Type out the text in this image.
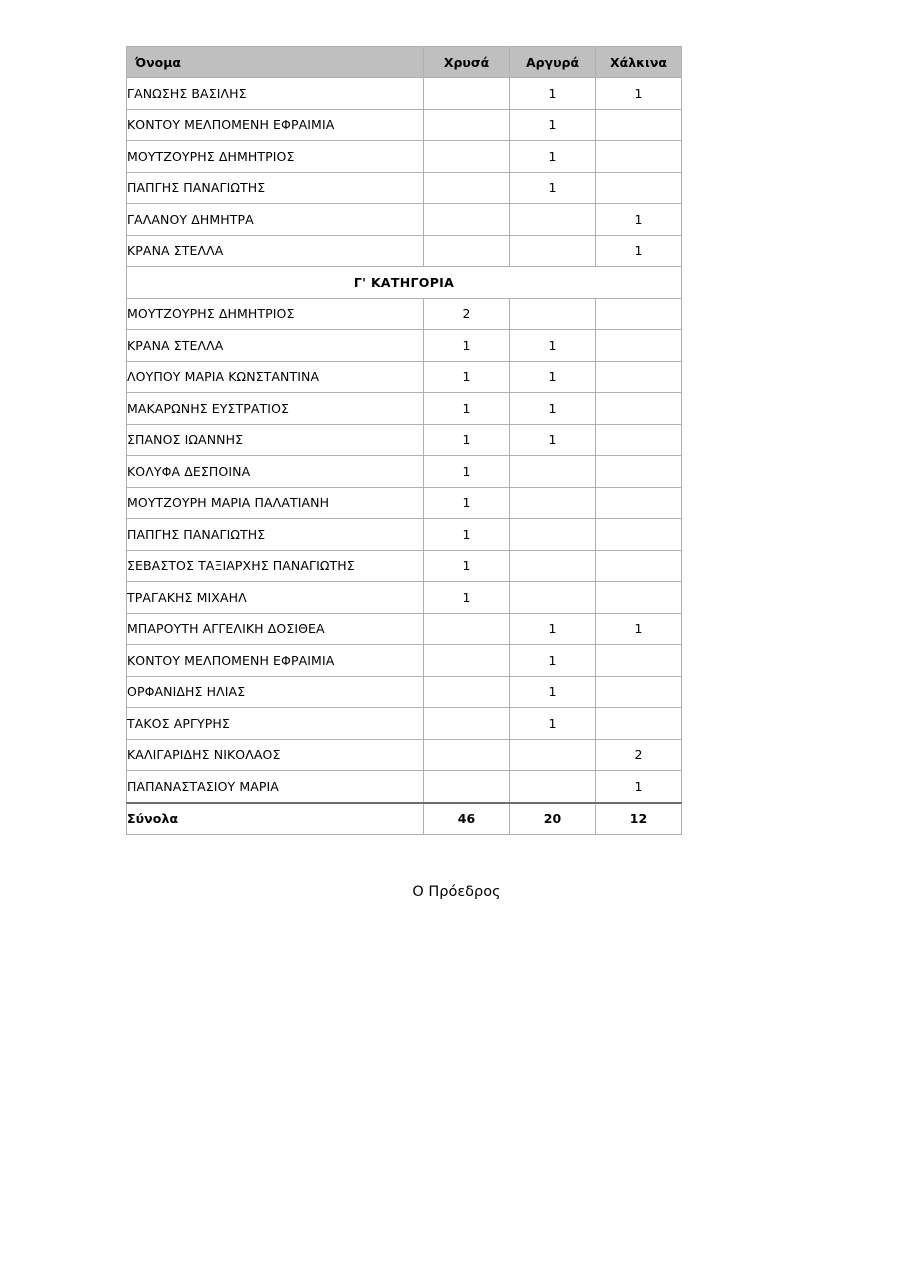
Όνομα	Χρυσά	Αργυρά	Χάλκινα
ΓΑΝΩΣΗΣ ΒΑΣΙΛΗΣ		1	1
ΚΟΝΤΟΥ ΜΕΛΠΟΜΕΝΗ ΕΦΡΑΙΜΙΑ		1	
ΜΟΥΤΖΟΥΡΗΣ ΔΗΜΗΤΡΙΟΣ		1	
ΠΑΠΓΗΣ ΠΑΝΑΓΙΩΤΗΣ		1	
ΓΑΛΑΝΟΥ ΔΗΜΗΤΡΑ			1
ΚΡΑΝΑ ΣΤΕΛΛΑ			1
Γ' ΚΑΤΗΓΟΡΙΑ			
ΜΟΥΤΖΟΥΡΗΣ ΔΗΜΗΤΡΙΟΣ	2		
ΚΡΑΝΑ ΣΤΕΛΛΑ	1	1	
ΛΟΥΠΟΥ ΜΑΡΙΑ ΚΩΝΣΤΑΝΤΙΝΑ	1	1	
ΜΑΚΑΡΩΝΗΣ ΕΥΣΤΡΑΤΙΟΣ	1	1	
ΣΠΑΝΟΣ ΙΩΑΝΝΗΣ	1	1	
ΚΟΛΥΦΑ ΔΕΣΠΟΙΝΑ	1		
ΜΟΥΤΖΟΥΡΗ ΜΑΡΙΑ ΠΑΛΑΤΙΑΝΗ	1		
ΠΑΠΓΗΣ ΠΑΝΑΓΙΩΤΗΣ	1		
ΣΕΒΑΣΤΟΣ ΤΑΞΙΑΡΧΗΣ ΠΑΝΑΓΙΩΤΗΣ	1		
ΤΡΑΓΑΚΗΣ ΜΙΧΑΗΛ	1		
ΜΠΑΡΟΥΤΗ ΑΓΓΕΛΙΚΗ ΔΟΣΙΘΕΑ		1	1
ΚΟΝΤΟΥ ΜΕΛΠΟΜΕΝΗ ΕΦΡΑΙΜΙΑ		1	
ΟΡΦΑΝΙΔΗΣ ΗΛΙΑΣ		1	
ΤΑΚΟΣ ΑΡΓΥΡΗΣ		1	
ΚΑΛΙΓΑΡΙΔΗΣ ΝΙΚΟΛΑΟΣ			2
ΠΑΠΑΝΑΣΤΑΣΙΟΥ ΜΑΡΙΑ			1
Σύνολα	46	20	12
Ο Πρόεδρος
